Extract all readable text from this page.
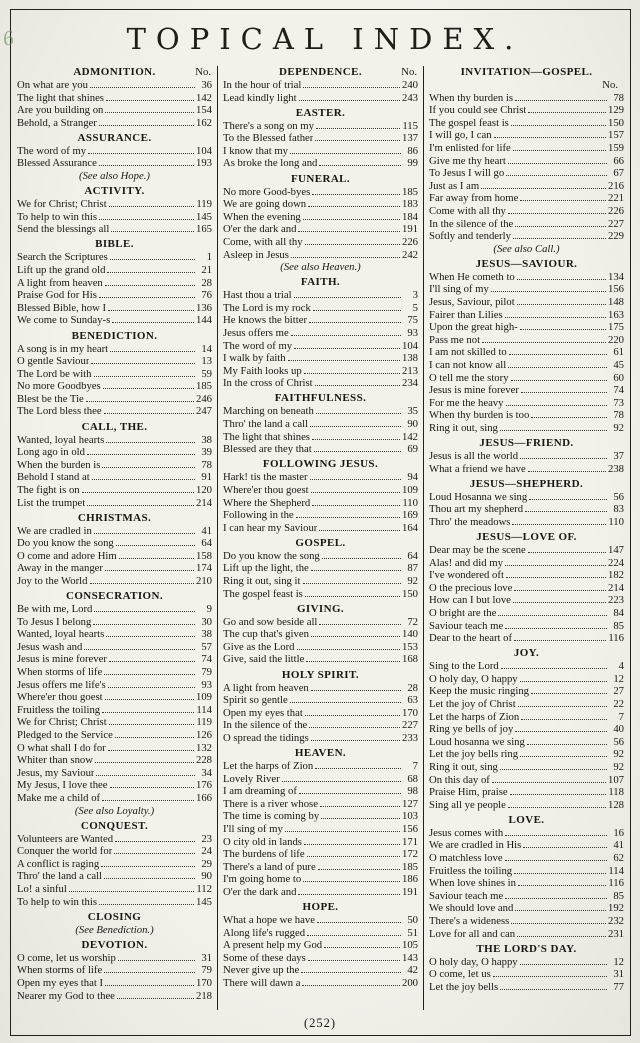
6	TOPICAL INDEX.
ADMONITION.	No.
On what are you	36
The light that shines	142
Are you building on	154
Behold, a Stranger	162
ASSURANCE.
The word of my	104
Blessed Assurance	193
(See also Hope.)
ACTIVITY.
We for Christ; Christ	119
To help to win this	145
Send the blessings all	165
BIBLE.
Search the Scriptures	1
Lift up the grand old	21
A light from heaven	28
Praise God for His	76
Blessed Bible, how I	136
We come to Sunday-s	144
BENEDICTION.
A song is in my heart	14
O gentle Saviour	13
The Lord be with	59
No more Goodbyes	185
Blest be the Tie	246
The Lord bless thee	247
CALL, THE.
Wanted, loyal hearts	38
Long ago in old	39
When the burden is	78
Behold I stand at	91
The fight is on	120
List the trumpet	214
CHRISTMAS.
We are cradled in	41
Do you know the song	64
O come and adore Him	158
Away in the manger	174
Joy to the World	210
CONSECRATION.
Be with me, Lord	9
To Jesus I belong	30
Wanted, loyal hearts	38
Jesus wash and	57
Jesus is mine forever	74
When storms of life	79
Jesus offers me life's	93
Where'er thou goest	109
Fruitless the toiling	114
We for Christ; Christ	119
Pledged to the Service	126
O what shall I do for	132
Whiter than snow	228
Jesus, my Saviour	34
My Jesus, I love thee	176
Make me a child of	166
(See also Loyalty.)
CONQUEST.
Volunteers are Wanted	23
Conquer the world for	24
A conflict is raging	29
Thro' the land a call	90
Lo! a sinful	112
To help to win this	145
CLOSING
(See Benediction.)
DEVOTION.
O come, let us worship	31
When storms of life	79
Open my eyes that I	170
Nearer my God to thee	218
DEPENDENCE.	No.
In the hour of trial	240
Lead kindly light	243
EASTER.
There's a song on my	115
To the Blessed father	137
I know that my	86
As broke the long and	99
FUNERAL.
No more Good-byes	185
We are going down	183
When the evening	184
O'er the dark and	191
Come, with all thy	226
Asleep in Jesus	242
(See also Heaven.)
FAITH.
Hast thou a trial	3
The Lord is my rock	5
He knows the bitter	75
Jesus offers me	93
The word of my	104
I walk by faith	138
My Faith looks up	213
In the cross of Christ	234
FAITHFULNESS.
Marching on beneath	35
Thro' the land a call	90
The light that shines	142
Blessed are they that	69
FOLLOWING JESUS.
Hark! tis the master	94
Where'er thou goest	109
Where the Shepherd	110
Following in the	169
I can hear my Saviour	164
GOSPEL.
Do you know the song	64
Lift up the light, the	87
Ring it out, sing it	92
The gospel feast is	150
GIVING.
Go and sow beside all	72
The cup that's given	140
Give as the Lord	153
Give, said the little	168
HOLY SPIRIT.
A light from heaven	28
Spirit so gentle	63
Open my eyes that	170
In the silence of the	227
O spread the tidings	233
HEAVEN.
Let the harps of Zion	7
Lovely River	68
I am dreaming of	98
There is a river whose	127
The time is coming by	103
I'll sing of my	156
O city old in lands	171
The burdens of life	172
There's a land of pure	185
I'm going home to	186
O'er the dark and	191
HOPE.
What a hope we have	50
Along life's rugged	51
A present help my God	105
Some of these days	143
Never give up the	42
There will dawn a	200
INVITATION—GOSPEL.
No.
When thy burden is	78
If you could see Christ	129
The gospel feast is	150
I will go, I can	157
I'm enlisted for life	159
Give me thy heart	66
To Jesus I will go	67
Just as I am	216
Far away from home	221
Come with all thy	226
In the silence of the	227
Softly and tenderly	229
(See also Call.)
JESUS—SAVIOUR.
When He cometh to	134
I'll sing of my	156
Jesus, Saviour, pilot	148
Fairer than Lilies	163
Upon the great high-	175
Pass me not	220
I am not skilled to	61
I can not know all	45
O tell me the story	60
Jesus is mine forever	74
For me the heavy	73
When thy burden is too	78
Ring it out, sing	92
JESUS—FRIEND.
Jesus is all the world	37
What a friend we have	238
JESUS—SHEPHERD.
Loud Hosanna we sing	56
Thou art my shepherd	83
Thro' the meadows	110
JESUS—LOVE OF.
Dear may be the scene	147
Alas! and did my	224
I've wondered oft	182
O the precious love	214
How can I but love	223
O bright are the	84
Saviour teach me	85
Dear to the heart of	116
JOY.
Sing to the Lord	4
O holy day, O happy	12
Keep the music ringing	27
Let the joy of Christ	22
Let the harps of Zion	7
Ring ye bells of joy	40
Loud hosanna we sing	56
Let the joy bells ring	92
Ring it out, sing	92
On this day of	107
Praise Him, praise	118
Sing all ye people	128
LOVE.
Jesus comes with	16
We are cradled in His	41
O matchless love	62
Fruitless the toiling	114
When love shines in	116
Saviour teach me	85
We should love and	192
There's a wideness	232
Love for all and can	231
THE LORD'S DAY.
O holy day, O happy	12
O come, let us	31
Let the joy bells	77
(252)
